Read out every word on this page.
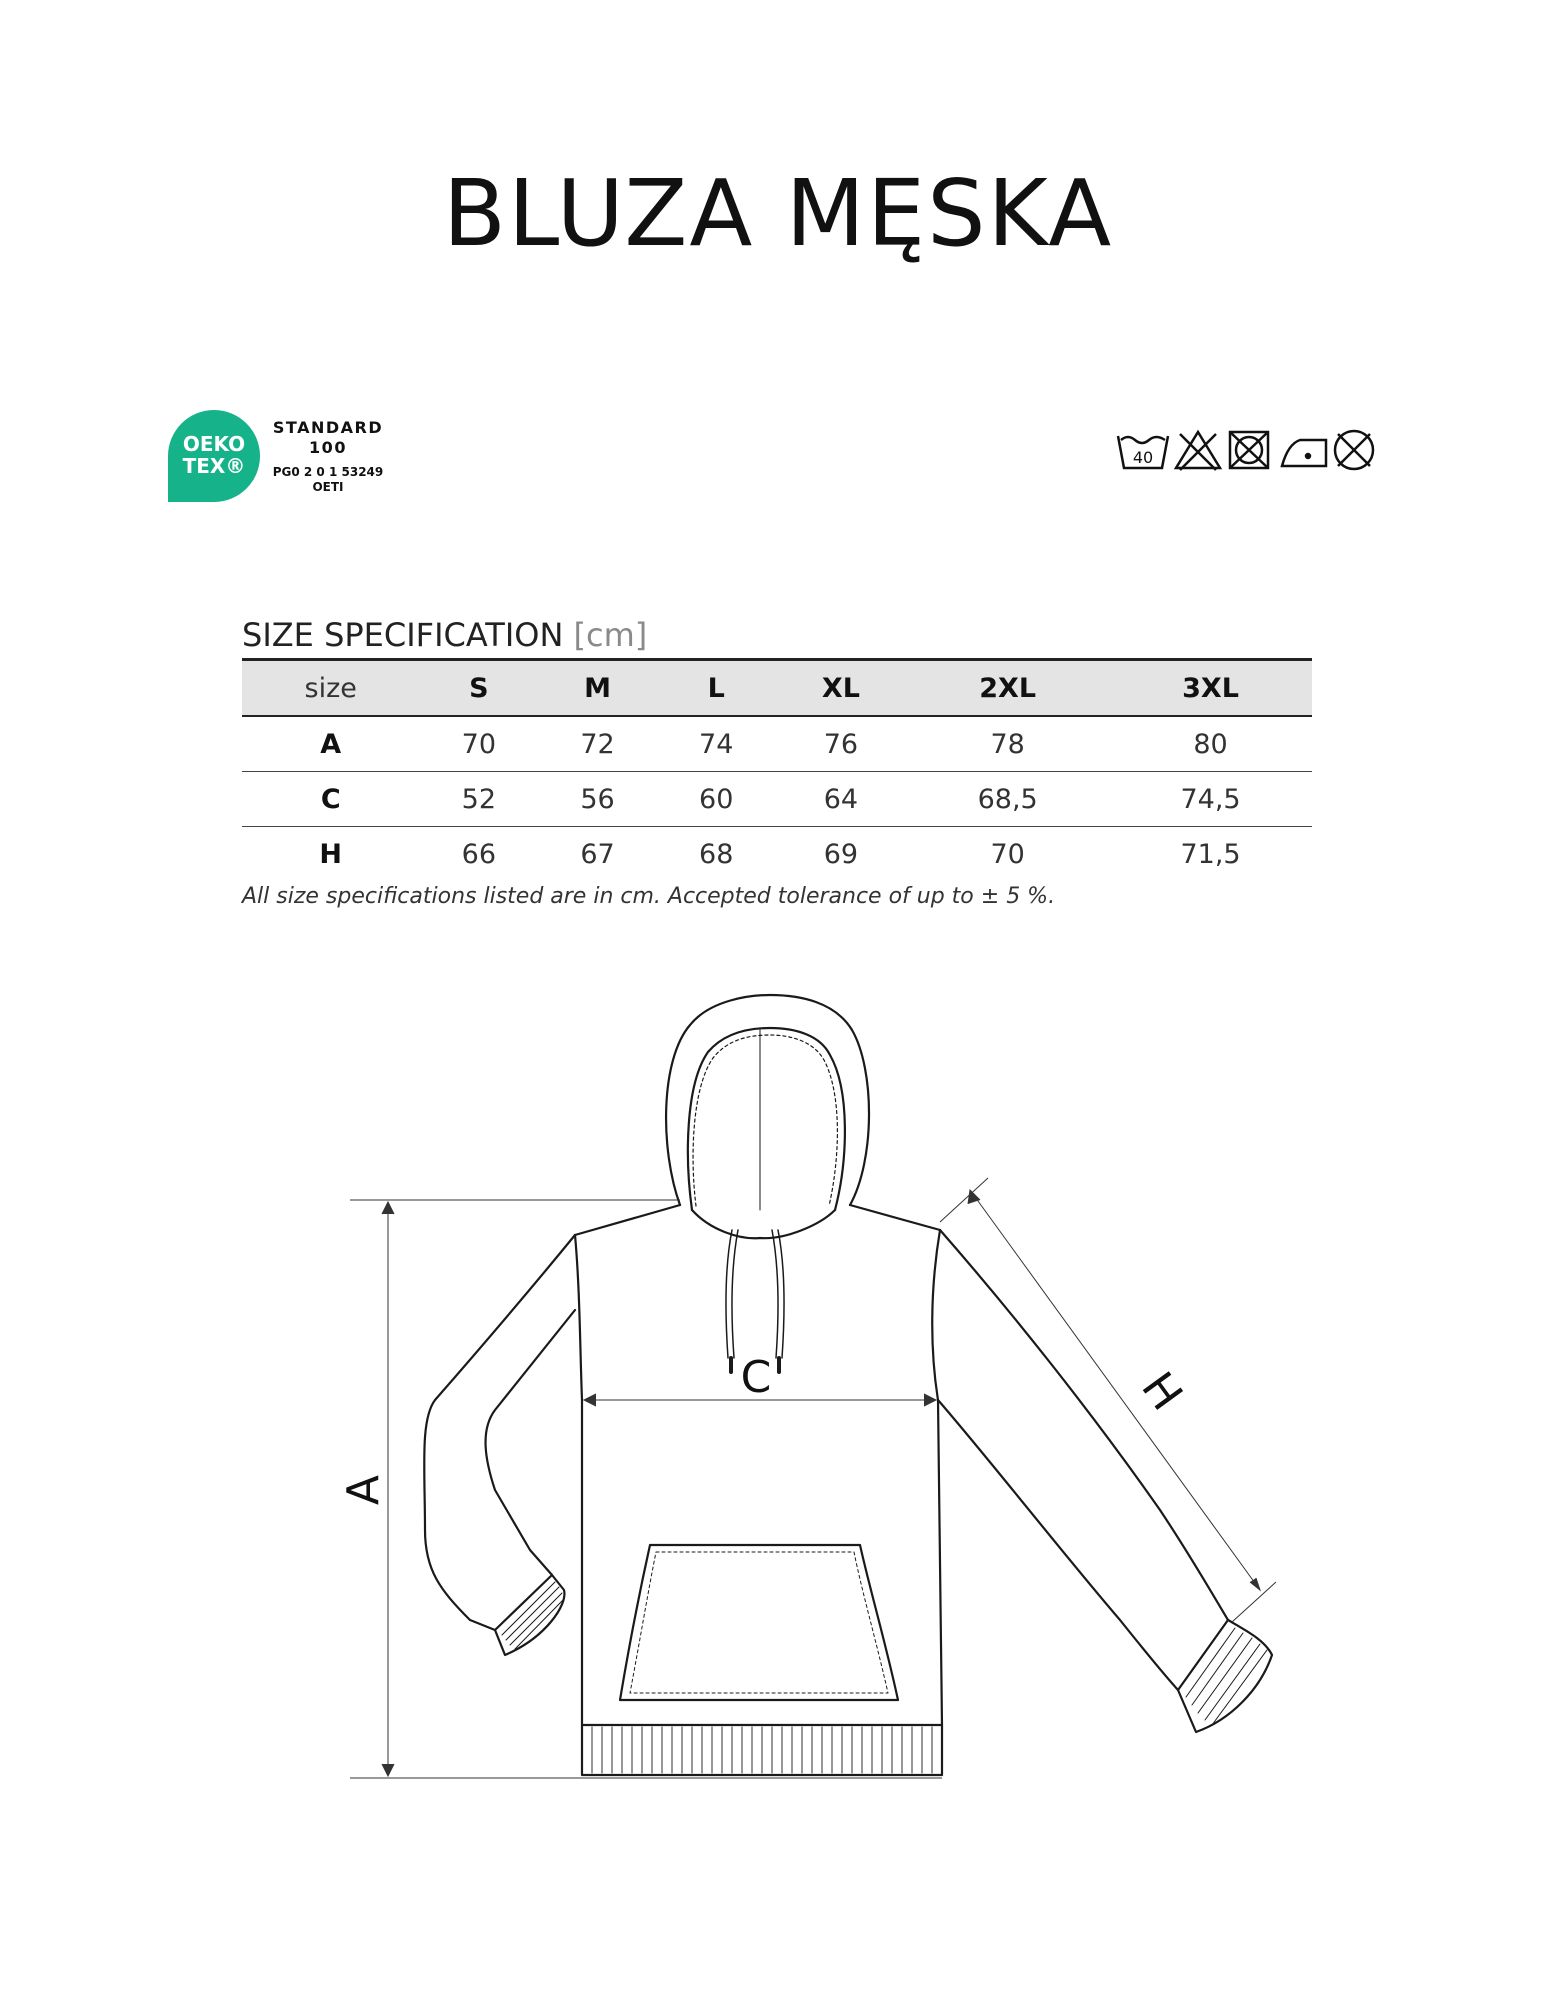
BLUZA MĘSKA
OEKO
TEX®
STANDARD
100
PG0 2 0 1 53249
OETI
40
SIZE SPECIFICATION [cm]
size	S	M	L	XL	2XL	3XL
A	70	72	74	76	78	80
C	52	56	60	64	68,5	74,5
H	66	67	68	69	70	71,5
All size specifications listed are in cm. Accepted tolerance of up to ± 5 %.
A
C	H
